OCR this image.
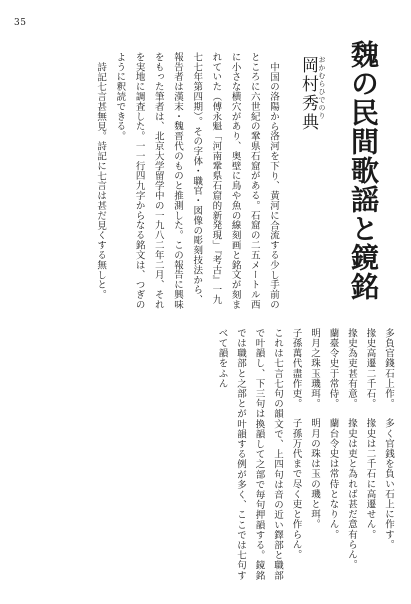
35
魏の民間歌謡と鏡銘
おかむらひでのり
岡村秀典

中国の洛陽から洛河を下り、黄河に合流する少し手前のところに六世紀の鞏県石窟がある。石窟の二五メートル西に小さな横穴があり、奥壁に鳥や魚の線刻画と銘文が刻まれていた（傅永魁「河南鞏県石窟的新発現」『考古』一九七七年第四期）。その字体・職官・図像の彫刻技法から、報告者は漢末・魏晋代のものと推測した。この報告に興味をもった筆者は、北京大学留学中の一九八二年二月、それを実地に調査した。一一行四九字からなる銘文は、つぎのように釈読できる。

詩記七言甚無見。詩記に七言は甚だ見くする無しと。

多負官錢石上作。多く官銭を負い石上に作す。
掾史高遷二千石。掾史は二千石に高遷せん。
掾史為吏甚有意。掾史は吏と為れば甚だ意有らん。
蘭臺令史于常侍。蘭台令史は常侍となりん。
明月之珠玉璣珥。明月の珠は玉の璣と珥。
子孫萬代盡作吏。子孫万代まで尽く吏と作らん。
これは七言七句の韻文で、上四句は音の近い鐸部と職部で叶韻し、下三句は換韻して之部で毎句押韻する。鏡銘では職部と之部とが叶韻する例が多く、ここでは七句すべて韻をふん
